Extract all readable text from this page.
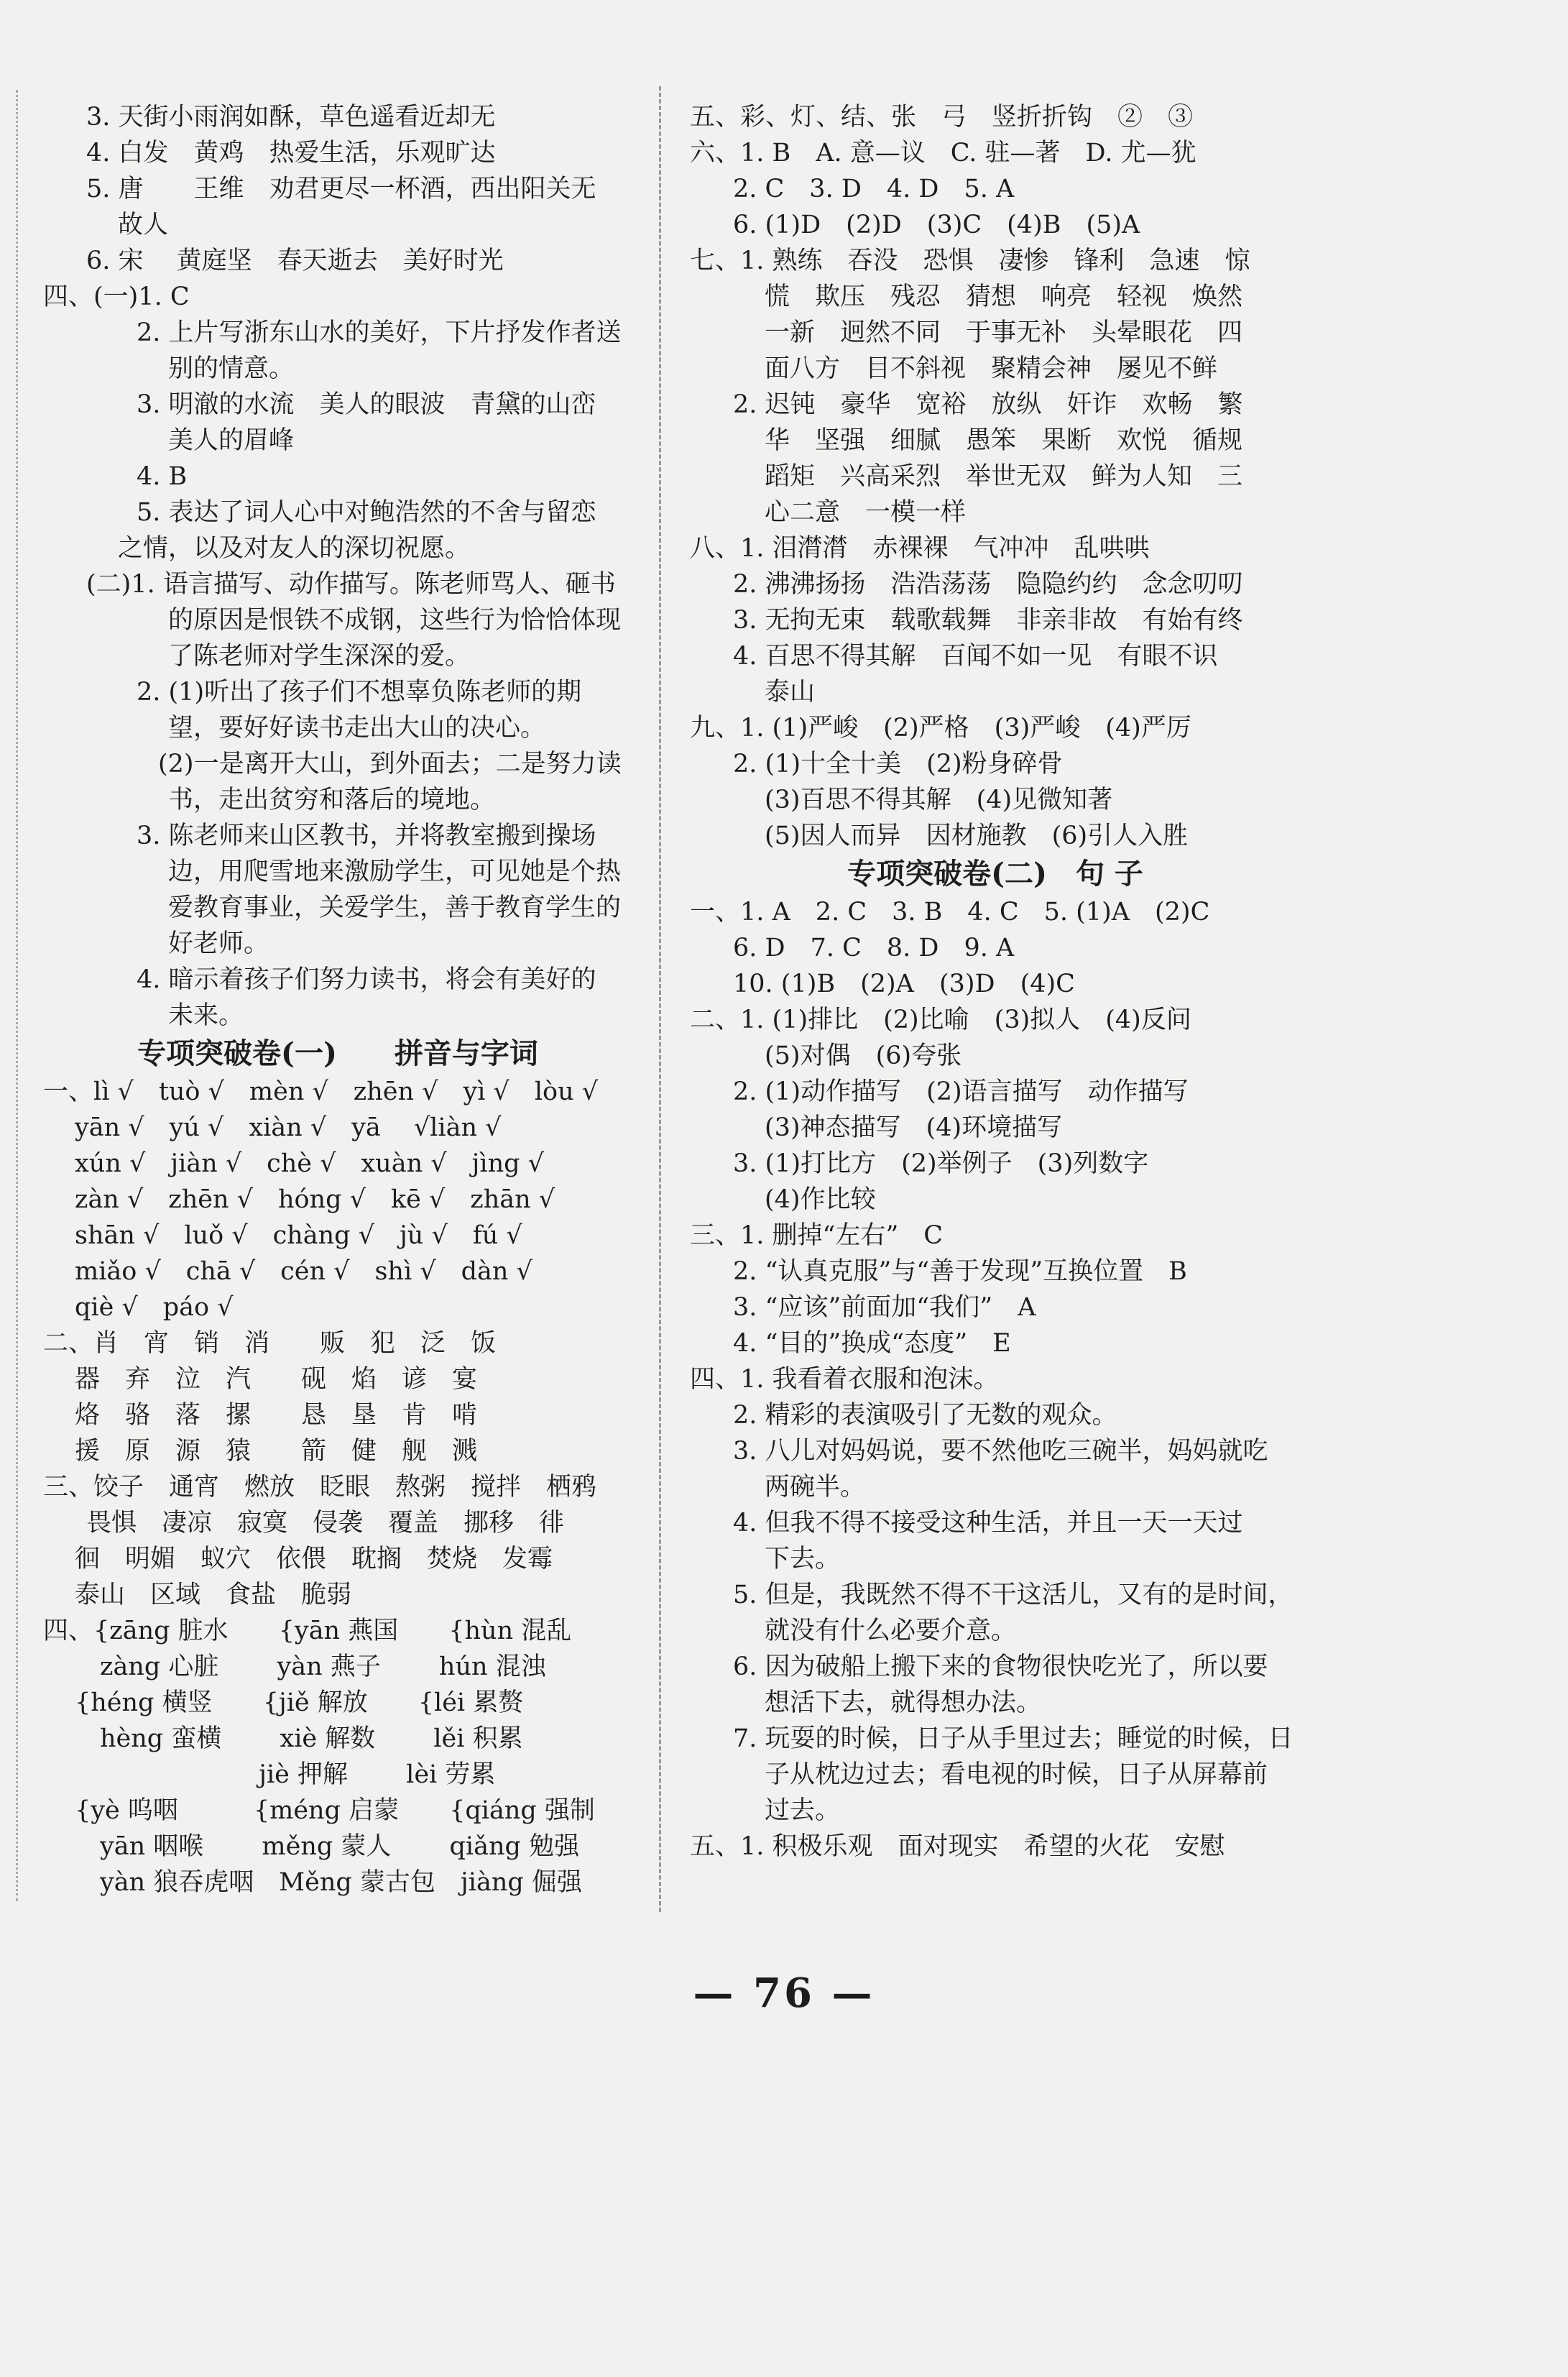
3. 天街小雨润如酥，草色遥看近却无
4. 白发　黄鸡　热爱生活，乐观旷达
5. 唐　　王维　劝君更尽一杯酒，西出阳关无
故人
6. 宋　 黄庭坚　春天逝去　美好时光
四、(一)1. C
2. 上片写浙东山水的美好，下片抒发作者送
别的情意。
3. 明澈的水流　美人的眼波　青黛的山峦
美人的眉峰
4. B
5. 表达了词人心中对鲍浩然的不舍与留恋
之情，以及对友人的深切祝愿。
(二)1. 语言描写、动作描写。陈老师骂人、砸书
的原因是恨铁不成钢，这些行为恰恰体现
了陈老师对学生深深的爱。
2. (1)听出了孩子们不想辜负陈老师的期
望，要好好读书走出大山的决心。
(2)一是离开大山，到外面去；二是努力读
书，走出贫穷和落后的境地。
3. 陈老师来山区教书，并将教室搬到操场
边，用爬雪地来激励学生，可见她是个热
爱教育事业，关爱学生，善于教育学生的
好老师。
4. 暗示着孩子们努力读书，将会有美好的
未来。
专项突破卷(一)　　拼音与字词
一、lì √　tuò √　mèn √　zhēn √　yì √　lòu √
yān √　yú √　xiàn √　yā　 √liàn √
xún √　jiàn √　chè √　xuàn √　jìng √
zàn √　zhēn √　hóng √　kē √　zhān √
shān √　luǒ √　chàng √　jù √　fú √
miǎo √　chā √　cén √　shì √　dàn √
qiè √　páo √
二、肖　宵　销　消　　贩　犯　泛　饭
器　弃　泣　汽　　砚　焰　谚　宴
烙　骆　落　摞　　恳　垦　肯　啃
援　原　源　猿　　箭　健　舰　溅
三、饺子　通宵　燃放　眨眼　熬粥　搅拌　栖鸦
畏惧　凄凉　寂寞　侵袭　覆盖　挪移　徘
徊　明媚　蚁穴　依偎　耽搁　焚烧　发霉
泰山　区域　食盐　脆弱
四、{zāng 脏水　　{yān 燕国　　{hùn 混乱
　zàng 心脏　　 yàn 燕子　　 hún 混浊
{héng 横竖　　{jiě 解放　　{léi 累赘
　hèng 蛮横　　 xiè 解数　　 lěi 积累
　　　　　　　 jiè 押解　　 lèi 劳累
{yè 呜咽　　　{méng 启蒙　　{qiáng 强制
　yān 咽喉　　 měng 蒙人　　 qiǎng 勉强
　yàn 狼吞虎咽　Měng 蒙古包　jiàng 倔强
五、彩、灯、结、张　弓　竖折折钩　②　③
六、1. B　A. 意—议　C. 驻—著　D. 尤—犹
2. C　3. D　4. D　5. A
6. (1)D　(2)D　(3)C　(4)B　(5)A
七、1. 熟练　吞没　恐惧　凄惨　锋利　急速　惊
慌　欺压　残忍　猜想　响亮　轻视　焕然
一新　迥然不同　于事无补　头晕眼花　四
面八方　目不斜视　聚精会神　屡见不鲜
2. 迟钝　豪华　宽裕　放纵　奸诈　欢畅　繁
华　坚强　细腻　愚笨　果断　欢悦　循规
蹈矩　兴高采烈　举世无双　鲜为人知　三
心二意　一模一样
八、1. 泪潸潸　赤裸裸　气冲冲　乱哄哄
2. 沸沸扬扬　浩浩荡荡　隐隐约约　念念叨叨
3. 无拘无束　载歌载舞　非亲非故　有始有终
4. 百思不得其解　百闻不如一见　有眼不识
泰山
九、1. (1)严峻　(2)严格　(3)严峻　(4)严厉
2. (1)十全十美　(2)粉身碎骨
(3)百思不得其解　(4)见微知著
(5)因人而异　因材施教　(6)引人入胜
专项突破卷(二)　句 子
一、1. A　2. C　3. B　4. C　5. (1)A　(2)C
6. D　7. C　8. D　9. A
10. (1)B　(2)A　(3)D　(4)C
二、1. (1)排比　(2)比喻　(3)拟人　(4)反问
(5)对偶　(6)夸张
2. (1)动作描写　(2)语言描写　动作描写
(3)神态描写　(4)环境描写
3. (1)打比方　(2)举例子　(3)列数字
(4)作比较
三、1. 删掉“左右”　C
2. “认真克服”与“善于发现”互换位置　B
3. “应该”前面加“我们”　A
4. “目的”换成“态度”　E
四、1. 我看着衣服和泡沫。
2. 精彩的表演吸引了无数的观众。
3. 八儿对妈妈说，要不然他吃三碗半，妈妈就吃
两碗半。
4. 但我不得不接受这种生活，并且一天一天过
下去。
5. 但是，我既然不得不干这活儿，又有的是时间，
就没有什么必要介意。
6. 因为破船上搬下来的食物很快吃光了，所以要
想活下去，就得想办法。
7. 玩耍的时候，日子从手里过去；睡觉的时候，日
子从枕边过去；看电视的时候，日子从屏幕前
过去。
五、1. 积极乐观　面对现实　希望的火花　安慰
— 76 —
